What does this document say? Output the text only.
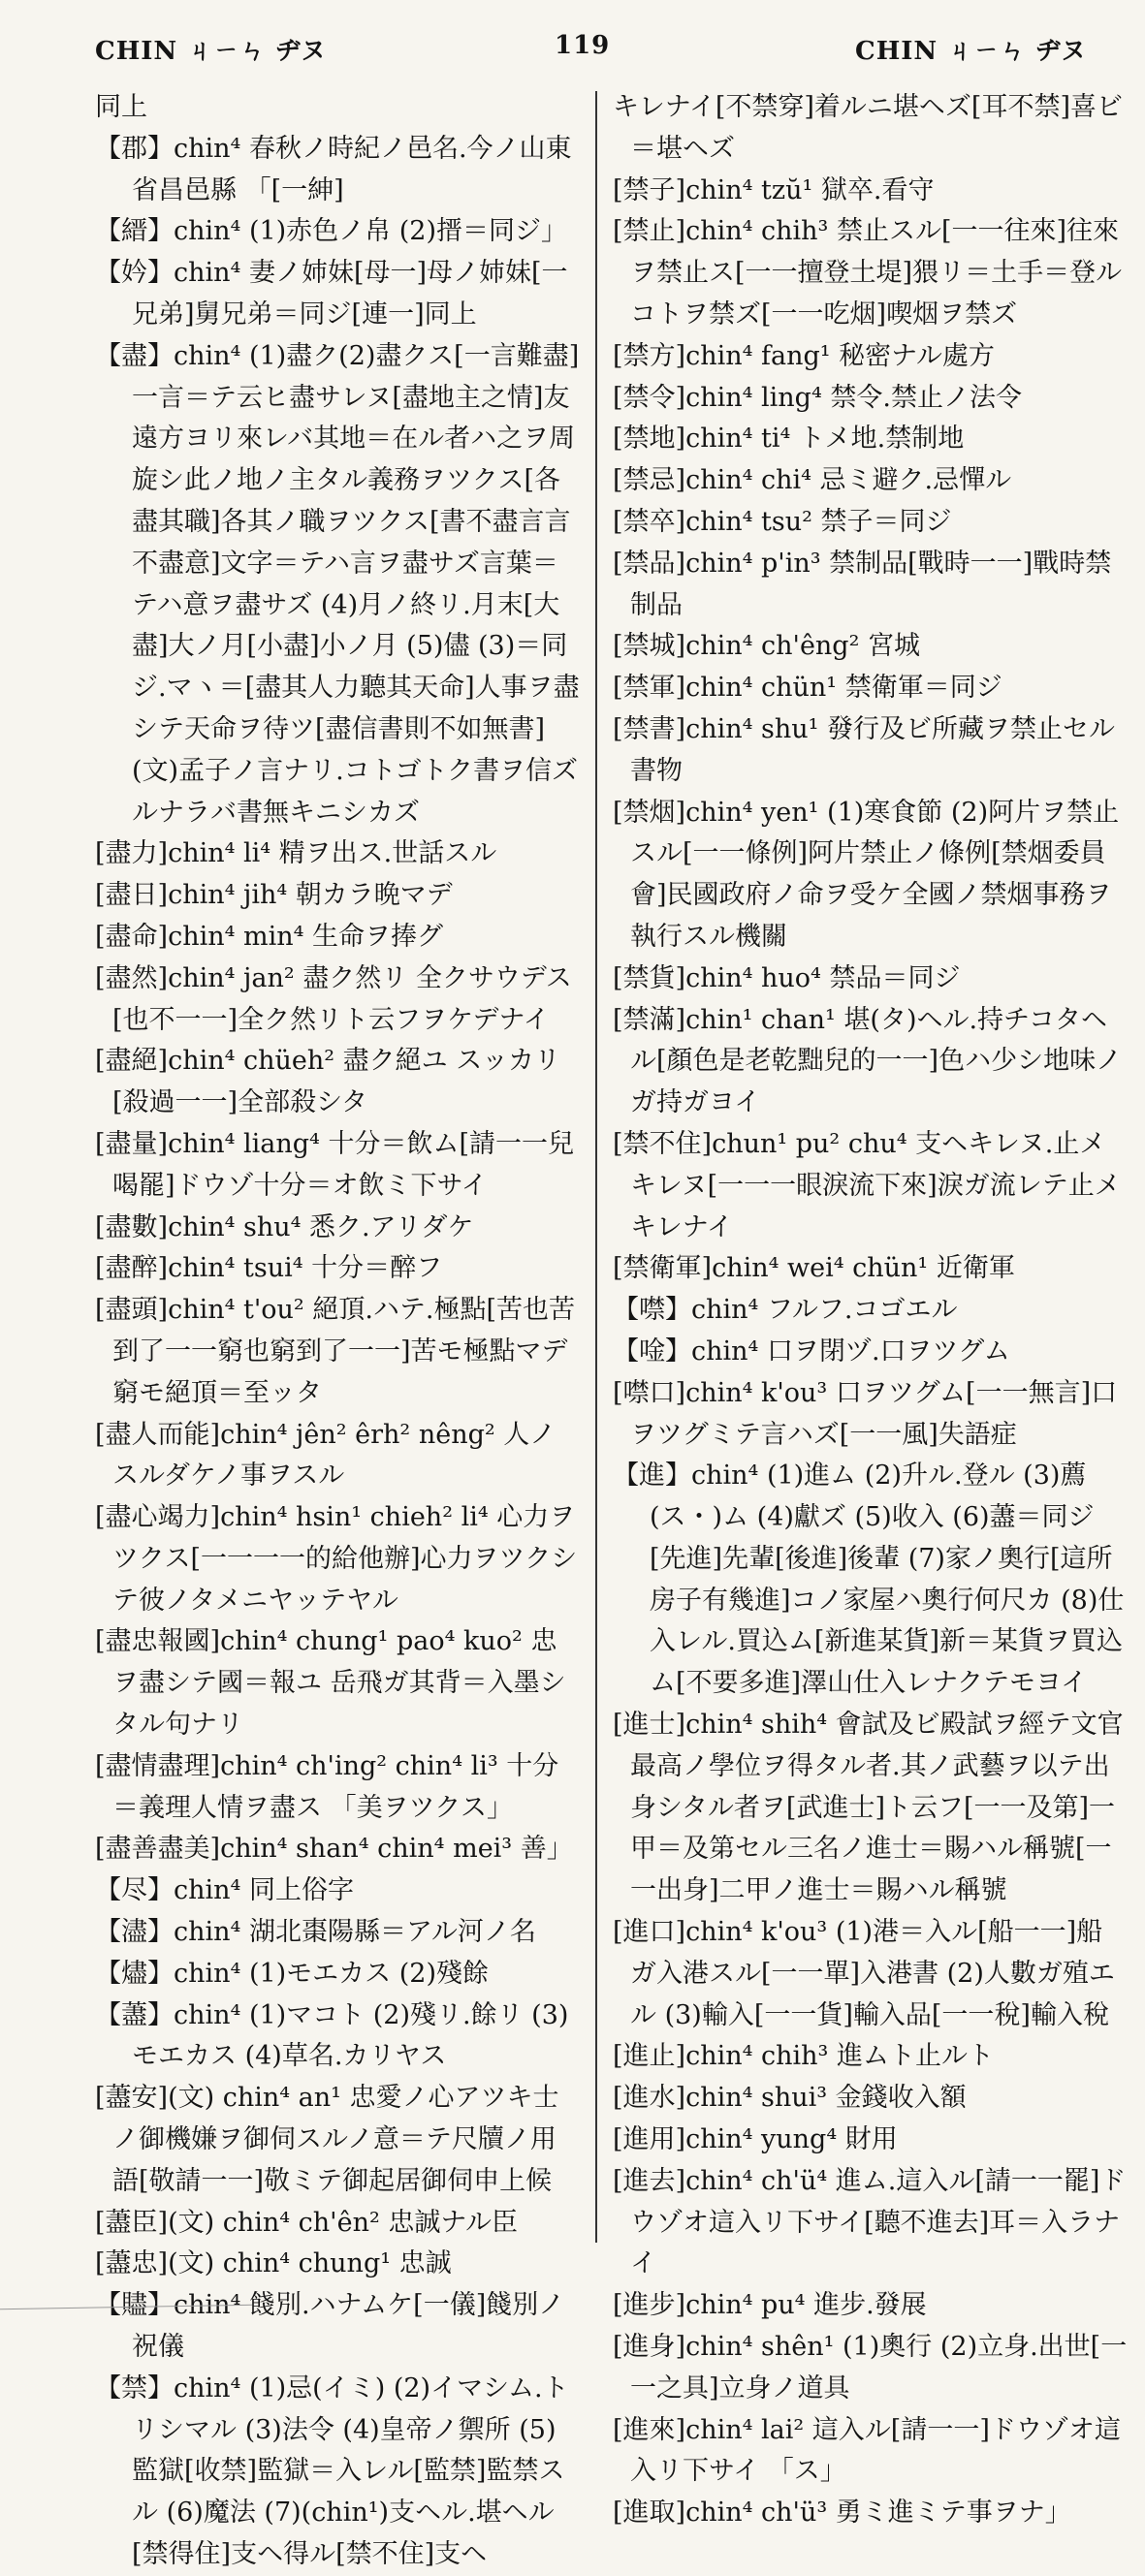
CHIN ㄐㄧㄣ ヂヌ	119	CHIN ㄐㄧㄣ ヂヌ

同上

【郡】chin⁴ 春秋ノ時紀ノ邑名.今ノ山東省昌邑縣 「[一紳]

【縉】chin⁴ (1)赤色ノ帛 (2)搢＝同ジ」

【妗】chin⁴ 妻ノ姉妹[母一]母ノ姉妹[一兄弟]舅兄弟＝同ジ[連一]同上

【盡】chin⁴ (1)盡ク(2)盡クス[一言難盡]一言＝テ云ヒ盡サレヌ[盡地主之情]友遠方ヨリ來レバ其地＝在ル者ハ之ヲ周旋シ此ノ地ノ主タル義務ヲツクス[各盡其職]各其ノ職ヲツクス[書不盡言言不盡意]文字＝テハ言ヲ盡サズ言葉＝テハ意ヲ盡サズ (4)月ノ終リ.月末[大盡]大ノ月[小盡]小ノ月 (5)儘 (3)＝同ジ.マヽ＝[盡其人力聽其天命]人事ヲ盡シテ天命ヲ待ツ[盡信書則不如無書](文)孟子ノ言ナリ.コトゴトク書ヲ信ズルナラバ書無キニシカズ

[盡力]chin⁴ li⁴ 精ヲ出ス.世話スル

[盡日]chin⁴ jih⁴ 朝カラ晩マデ

[盡命]chin⁴ min⁴ 生命ヲ捧グ

[盡然]chin⁴ jan² 盡ク然リ 全クサウデス[也不一一]全ク然リト云フヲケデナイ

[盡絕]chin⁴ chüeh² 盡ク絕ユ スッカリ[殺過一一]全部殺シタ

[盡量]chin⁴ liang⁴ 十分＝飲ム[請一一兒喝罷]ドウゾ十分＝オ飲ミ下サイ

[盡數]chin⁴ shu⁴ 悉ク.アリダケ

[盡醉]chin⁴ tsui⁴ 十分＝醉フ

[盡頭]chin⁴ t'ou² 絕頂.ハテ.極點[苦也苦到了一一窮也窮到了一一]苦モ極點マデ窮モ絕頂＝至ッタ

[盡人而能]chin⁴ jên² êrh² nêng² 人ノスルダケノ事ヲスル

[盡心竭力]chin⁴ hsin¹ chieh² li⁴ 心力ヲツクス[一一一一的給他辦]心力ヲツクシテ彼ノタメニヤッテヤル

[盡忠報國]chin⁴ chung¹ pao⁴ kuo² 忠ヲ盡シテ國＝報ユ 岳飛ガ其背＝入墨シタル句ナリ

[盡情盡理]chin⁴ ch'ing² chin⁴ li³ 十分＝義理人情ヲ盡ス 「美ヲツクス」

[盡善盡美]chin⁴ shan⁴ chin⁴ mei³ 善」

【尽】chin⁴ 同上俗字

【濜】chin⁴ 湖北棗陽縣＝アル河ノ名

【燼】chin⁴ (1)モエカス (2)殘餘

【藎】chin⁴ (1)マコト (2)殘リ.餘リ (3)モエカス (4)草名.カリヤス

[藎安](文) chin⁴ an¹ 忠愛ノ心アツキ士ノ御機嫌ヲ御伺スルノ意＝テ尺牘ノ用語[敬請一一]敬ミテ御起居御伺申上候

[藎臣](文) chin⁴ ch'ên² 忠誠ナル臣

[藎忠](文) chin⁴ chung¹ 忠誠

【贐】chin⁴ 餞別.ハナムケ[一儀]餞別ノ祝儀

【禁】chin⁴ (1)忌(イミ) (2)イマシム.トリシマル (3)法令 (4)皇帝ノ禦所 (5)監獄[收禁]監獄＝入レル[監禁]監禁スル (6)魔法 (7)(chin¹)支ヘル.堪ヘル[禁得住]支ヘ得ル[禁不住]支ヘ

キレナイ[不禁穿]着ルニ堪ヘズ[耳不禁]喜ビ＝堪ヘズ

[禁子]chin⁴ tzŭ¹ 獄卒.看守

[禁止]chin⁴ chih³ 禁止スル[一一往來]往來ヲ禁止ス[一一擅登土堤]猥リ＝土手＝登ルコトヲ禁ズ[一一吃烟]喫烟ヲ禁ズ

[禁方]chin⁴ fang¹ 秘密ナル處方

[禁令]chin⁴ ling⁴ 禁令.禁止ノ法令

[禁地]chin⁴ ti⁴ トメ地.禁制地

[禁忌]chin⁴ chi⁴ 忌ミ避ク.忌憚ル

[禁卒]chin⁴ tsu² 禁子＝同ジ

[禁品]chin⁴ p'in³ 禁制品[戰時一一]戰時禁制品

[禁城]chin⁴ ch'êng² 宮城

[禁軍]chin⁴ chün¹ 禁衛軍＝同ジ

[禁書]chin⁴ shu¹ 發行及ビ所藏ヲ禁止セル書物

[禁烟]chin⁴ yen¹ (1)寒食節 (2)阿片ヲ禁止スル[一一條例]阿片禁止ノ條例[禁烟委員會]民國政府ノ命ヲ受ケ全國ノ禁烟事務ヲ執行スル機關

[禁貨]chin⁴ huo⁴ 禁品＝同ジ

[禁滿]chin¹ chan¹ 堪(タ)ヘル.持チコタヘル[顏色是老乾黜兒的一一]色ハ少シ地味ノガ持ガヨイ

[禁不住]chun¹ pu² chu⁴ 支ヘキレヌ.止メキレヌ[一一一眼淚流下來]淚ガ流レテ止メキレナイ

[禁衛軍]chin⁴ wei⁴ chün¹ 近衛軍

【噤】chin⁴ フルフ.コゴエル

【唫】chin⁴ 口ヲ閉ヅ.口ヲツグム

[噤口]chin⁴ k'ou³ 口ヲツグム[一一無言]口ヲツグミテ言ハズ[一一風]失語症

【進】chin⁴ (1)進ム (2)升ル.登ル (3)薦(ス・)ム (4)獻ズ (5)收入 (6)藎＝同ジ[先進]先輩[後進]後輩 (7)家ノ奧行[這所房子有幾進]コノ家屋ハ奧行何尺カ (8)仕入レル.買込ム[新進某貨]新＝某貨ヲ買込ム[不要多進]澤山仕入レナクテモヨイ

[進士]chin⁴ shih⁴ 會試及ビ殿試ヲ經テ文官最高ノ學位ヲ得タル者.其ノ武藝ヲ以テ出身シタル者ヲ[武進士]ト云フ[一一及第]一甲＝及第セル三名ノ進士＝賜ハル稱號[一一出身]二甲ノ進士＝賜ハル稱號

[進口]chin⁴ k'ou³ (1)港＝入ル[船一一]船ガ入港スル[一一單]入港書 (2)人數ガ殖エル (3)輸入[一一貨]輸入品[一一稅]輸入稅

[進止]chin⁴ chih³ 進ムト止ルト

[進水]chin⁴ shui³ 金錢收入額

[進用]chin⁴ yung⁴ 財用

[進去]chin⁴ ch'ü⁴ 進ム.這入ル[請一一罷]ドウゾオ這入リ下サイ[聽不進去]耳＝入ラナイ

[進步]chin⁴ pu⁴ 進步.發展

[進身]chin⁴ shên¹ (1)奧行 (2)立身.出世[一一之具]立身ノ道具

[進來]chin⁴ lai² 這入ル[請一一]ドウゾオ這入リ下サイ 「ス」

[進取]chin⁴ ch'ü³ 勇ミ進ミテ事ヲナ」
